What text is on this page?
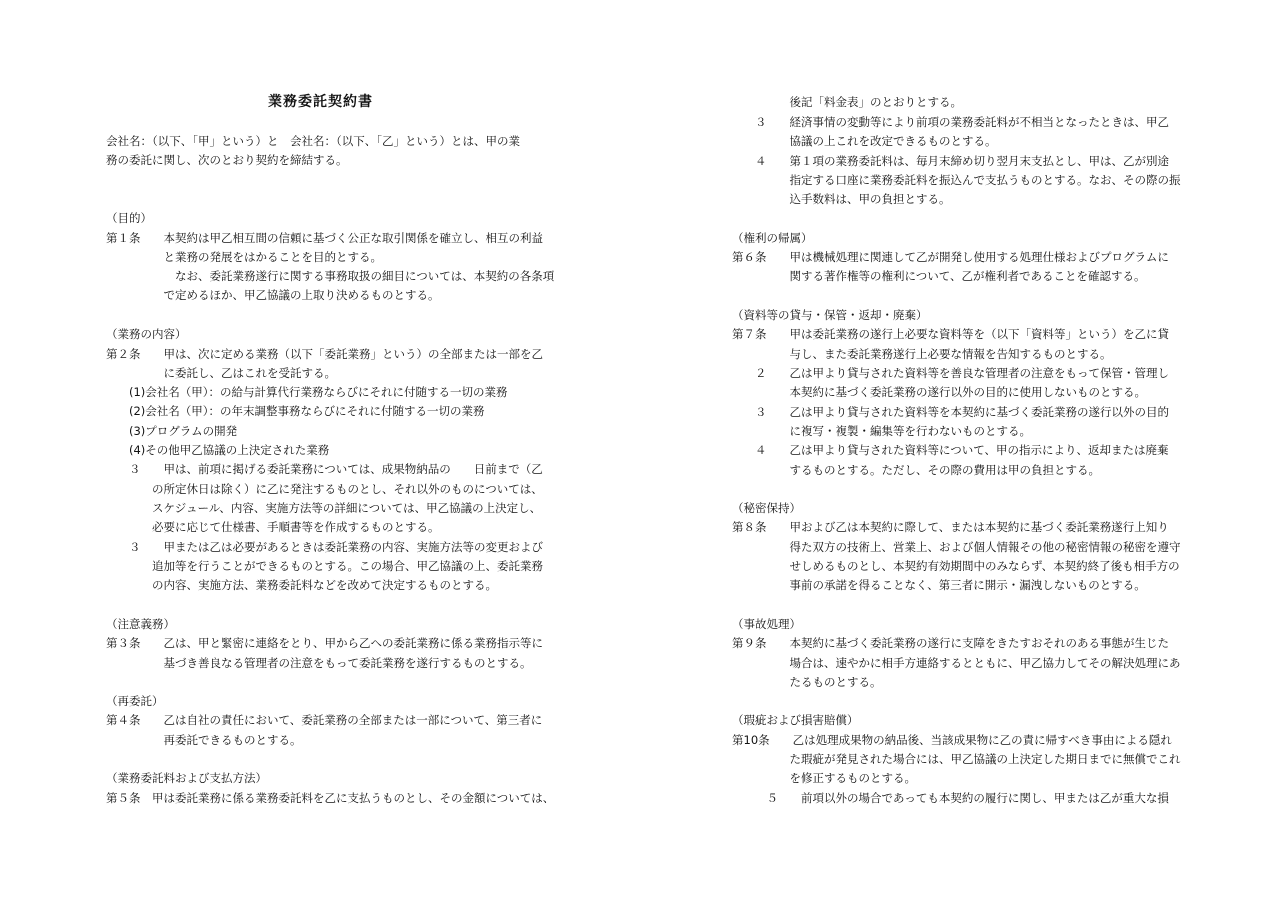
業務委託契約書
会社名：（以下、「甲」という）と　会社名：（以下、「乙」という）とは、甲の業
務の委託に関し、次のとおり契約を締結する。
（目的）
第１条　　本契約は甲乙相互間の信頼に基づく公正な取引関係を確立し、相互の利益
　　　　　と業務の発展をはかることを目的とする。
　　　　　　なお、委託業務遂行に関する事務取扱の細目については、本契約の各条項
　　　　　で定めるほか、甲乙協議の上取り決めるものとする。
（業務の内容）
第２条　　甲は、次に定める業務（以下「委託業務」という）の全部または一部を乙
　　　　　に委託し、乙はこれを受託する。
　　(1)会社名（甲）：の給与計算代行業務ならびにそれに付随する一切の業務
　　(2)会社名（甲）：の年末調整事務ならびにそれに付随する一切の業務
　　(3)プログラムの開発
　　(4)その他甲乙協議の上決定された業務
　　３　　甲は、前項に掲げる委託業務については、成果物納品の　　日前まで（乙
　　　　の所定休日は除く）に乙に発注するものとし、それ以外のものについては、
　　　　スケジュール、内容、実施方法等の詳細については、甲乙協議の上決定し、
　　　　必要に応じて仕様書、手順書等を作成するものとする。
　　３　　甲または乙は必要があるときは委託業務の内容、実施方法等の変更および
　　　　追加等を行うことができるものとする。この場合、甲乙協議の上、委託業務
　　　　の内容、実施方法、業務委託料などを改めて決定するものとする。
（注意義務）
第３条　　乙は、甲と緊密に連絡をとり、甲から乙への委託業務に係る業務指示等に
　　　　　基づき善良なる管理者の注意をもって委託業務を遂行するものとする。
（再委託）
第４条　　乙は自社の責任において、委託業務の全部または一部について、第三者に
　　　　　再委託できるものとする。
（業務委託料および支払方法）
第５条　甲は委託業務に係る業務委託料を乙に支払うものとし、その金額については、
　　　　　後記「料金表」のとおりとする。
　　３　　経済事情の変動等により前項の業務委託料が不相当となったときは、甲乙
　　　　　協議の上これを改定できるものとする。
　　４　　第１項の業務委託料は、毎月末締め切り翌月末支払とし、甲は、乙が別途
　　　　　指定する口座に業務委託料を振込んで支払うものとする。なお、その際の振
　　　　　込手数料は、甲の負担とする。
（権利の帰属）
第６条　　甲は機械処理に関連して乙が開発し使用する処理仕様およびプログラムに
　　　　　関する著作権等の権利について、乙が権利者であることを確認する。
（資料等の貸与・保管・返却・廃棄）
第７条　　甲は委託業務の遂行上必要な資料等を（以下「資料等」という）を乙に貸
　　　　　与し、また委託業務遂行上必要な情報を告知するものとする。
　　２　　乙は甲より貸与された資料等を善良な管理者の注意をもって保管・管理し
　　　　　本契約に基づく委託業務の遂行以外の目的に使用しないものとする。
　　３　　乙は甲より貸与された資料等を本契約に基づく委託業務の遂行以外の目的
　　　　　に複写・複製・編集等を行わないものとする。
　　４　　乙は甲より貸与された資料等について、甲の指示により、返却または廃棄
　　　　　するものとする。ただし、その際の費用は甲の負担とする。
（秘密保持）
第８条　　甲および乙は本契約に際して、または本契約に基づく委託業務遂行上知り
　　　　　得た双方の技術上、営業上、および個人情報その他の秘密情報の秘密を遵守
　　　　　せしめるものとし、本契約有効期間中のみならず、本契約終了後も相手方の
　　　　　事前の承諾を得ることなく、第三者に開示・漏洩しないものとする。
（事故処理）
第９条　　本契約に基づく委託業務の遂行に支障をきたすおそれのある事態が生じた
　　　　　場合は、速やかに相手方連絡するとともに、甲乙協力してその解決処理にあ
　　　　　たるものとする。
（瑕疵および損害賠償）
第10条　　乙は処理成果物の納品後、当該成果物に乙の責に帰すべき事由による隠れ
　　　　　た瑕疵が発見された場合には、甲乙協議の上決定した期日までに無償でこれ
　　　　　を修正するものとする。
　　　５　　前項以外の場合であっても本契約の履行に関し、甲または乙が重大な損
